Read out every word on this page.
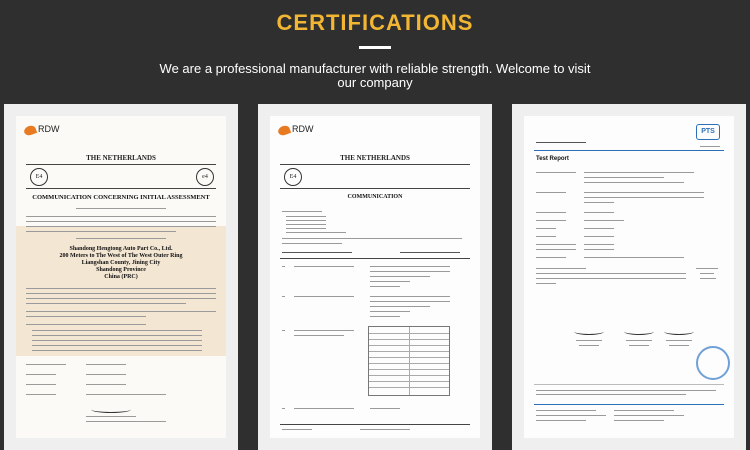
CERTIFICATIONS
We are a professional manufacturer with reliable strength. Welcome to visit our company
RDW
THE NETHERLANDS
E4	e4
COMMUNICATION CONCERNING INITIAL ASSESSMENT
Shandong Hengtong Auto Part Co., Ltd.
200 Meters to The West of The West Outer Ring
Liangshan County, Jining City
Shandong Province
China (PRC)
RDW
THE NETHERLANDS
E4
COMMUNICATION
PTS
Test Report
